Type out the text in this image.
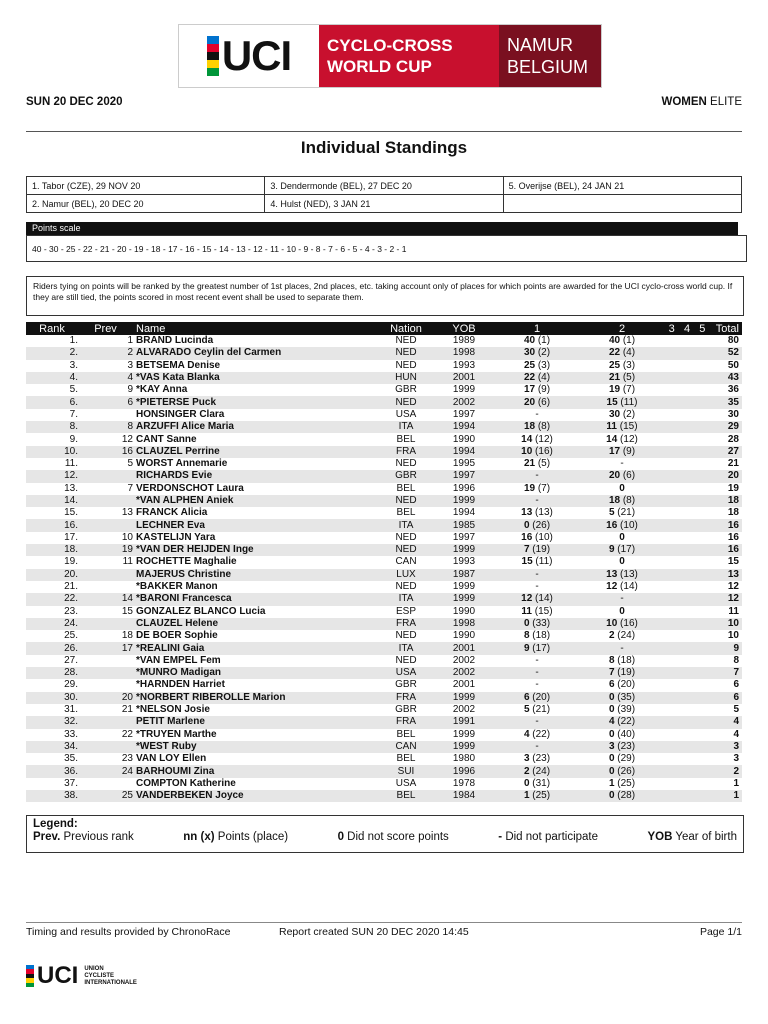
UCI CYCLO-CROSS
WORLD CUP
NAMUR
BELGIUM
SUN 20 DEC 2020	WOMEN ELITE
Individual Standings
1. Tabor (CZE), 29 NOV 20	3. Dendermonde (BEL), 27 DEC 20	5. Overijse (BEL), 24 JAN 21
2. Namur (BEL), 20 DEC 20	4. Hulst (NED), 3 JAN 21	
Points scale
40 - 30 - 25 - 22 - 21 - 20 - 19 - 18 - 17 - 16 - 15 - 14 - 13 - 12 - 11 - 10 - 9 - 8 - 7 - 6 - 5 - 4 - 3 - 2 - 1
Riders tying on points will be ranked by the greatest number of 1st places, 2nd places, etc. taking account only of places for which points are awarded for the UCI cyclo-cross world cup. If they are still tied, the points scored in most recent event shall be used to separate them.
Rank	Prev	Name	Nation	YOB	1	2	3 4 5	Total
1.	1	BRAND Lucinda	NED	1989	40 (1)	40 (1)		80
2.	2	ALVARADO Ceylin del Carmen	NED	1998	30 (2)	22 (4)		52
3.	3	BETSEMA Denise	NED	1993	25 (3)	25 (3)		50
4.	4	*VAS Kata Blanka	HUN	2001	22 (4)	21 (5)		43
5.	9	*KAY Anna	GBR	1999	17 (9)	19 (7)		36
6.	6	*PIETERSE Puck	NED	2002	20 (6)	15 (11)		35
7.		HONSINGER Clara	USA	1997	-	30 (2)		30
8.	8	ARZUFFI Alice Maria	ITA	1994	18 (8)	11 (15)		29
9.	12	CANT Sanne	BEL	1990	14 (12)	14 (12)		28
10.	16	CLAUZEL Perrine	FRA	1994	10 (16)	17 (9)		27
11.	5	WORST Annemarie	NED	1995	21 (5)	-		21
12.		RICHARDS Evie	GBR	1997	-	20 (6)		20
13.	7	VERDONSCHOT Laura	BEL	1996	19 (7)	0		19
14.		*VAN ALPHEN Aniek	NED	1999	-	18 (8)		18
15.	13	FRANCK Alicia	BEL	1994	13 (13)	5 (21)		18
16.		LECHNER Eva	ITA	1985	0 (26)	16 (10)		16
17.	10	KASTELIJN Yara	NED	1997	16 (10)	0		16
18.	19	*VAN DER HEIJDEN Inge	NED	1999	7 (19)	9 (17)		16
19.	11	ROCHETTE Maghalie	CAN	1993	15 (11)	0		15
20.		MAJERUS Christine	LUX	1987	-	13 (13)		13
21.		*BAKKER Manon	NED	1999	-	12 (14)		12
22.	14	*BARONI Francesca	ITA	1999	12 (14)	-		12
23.	15	GONZALEZ BLANCO Lucia	ESP	1990	11 (15)	0		11
24.		CLAUZEL Helene	FRA	1998	0 (33)	10 (16)		10
25.	18	DE BOER Sophie	NED	1990	8 (18)	2 (24)		10
26.	17	*REALINI Gaia	ITA	2001	9 (17)	-		9
27.		*VAN EMPEL Fem	NED	2002	-	8 (18)		8
28.		*MUNRO Madigan	USA	2002	-	7 (19)		7
29.		*HARNDEN Harriet	GBR	2001	-	6 (20)		6
30.	20	*NORBERT RIBEROLLE Marion	FRA	1999	6 (20)	0 (35)		6
31.	21	*NELSON Josie	GBR	2002	5 (21)	0 (39)		5
32.		PETIT Marlene	FRA	1991	-	4 (22)		4
33.	22	*TRUYEN Marthe	BEL	1999	4 (22)	0 (40)		4
34.		*WEST Ruby	CAN	1999	-	3 (23)		3
35.	23	VAN LOY Ellen	BEL	1980	3 (23)	0 (29)		3
36.	24	BARHOUMI Zina	SUI	1996	2 (24)	0 (26)		2
37.		COMPTON Katherine	USA	1978	0 (31)	1 (25)		1
38.	25	VANDERBEKEN Joyce	BEL	1984	1 (25)	0 (28)		1
Legend:
Prev. Previous rank	nn (x) Points (place)	0 Did not score points	- Did not participate	YOB Year of birth
Timing and results provided by ChronoRace	Report created SUN 20 DEC 2020 14:45	Page 1/1
UCI UNION
CYCLISTE
INTERNATIONALE
